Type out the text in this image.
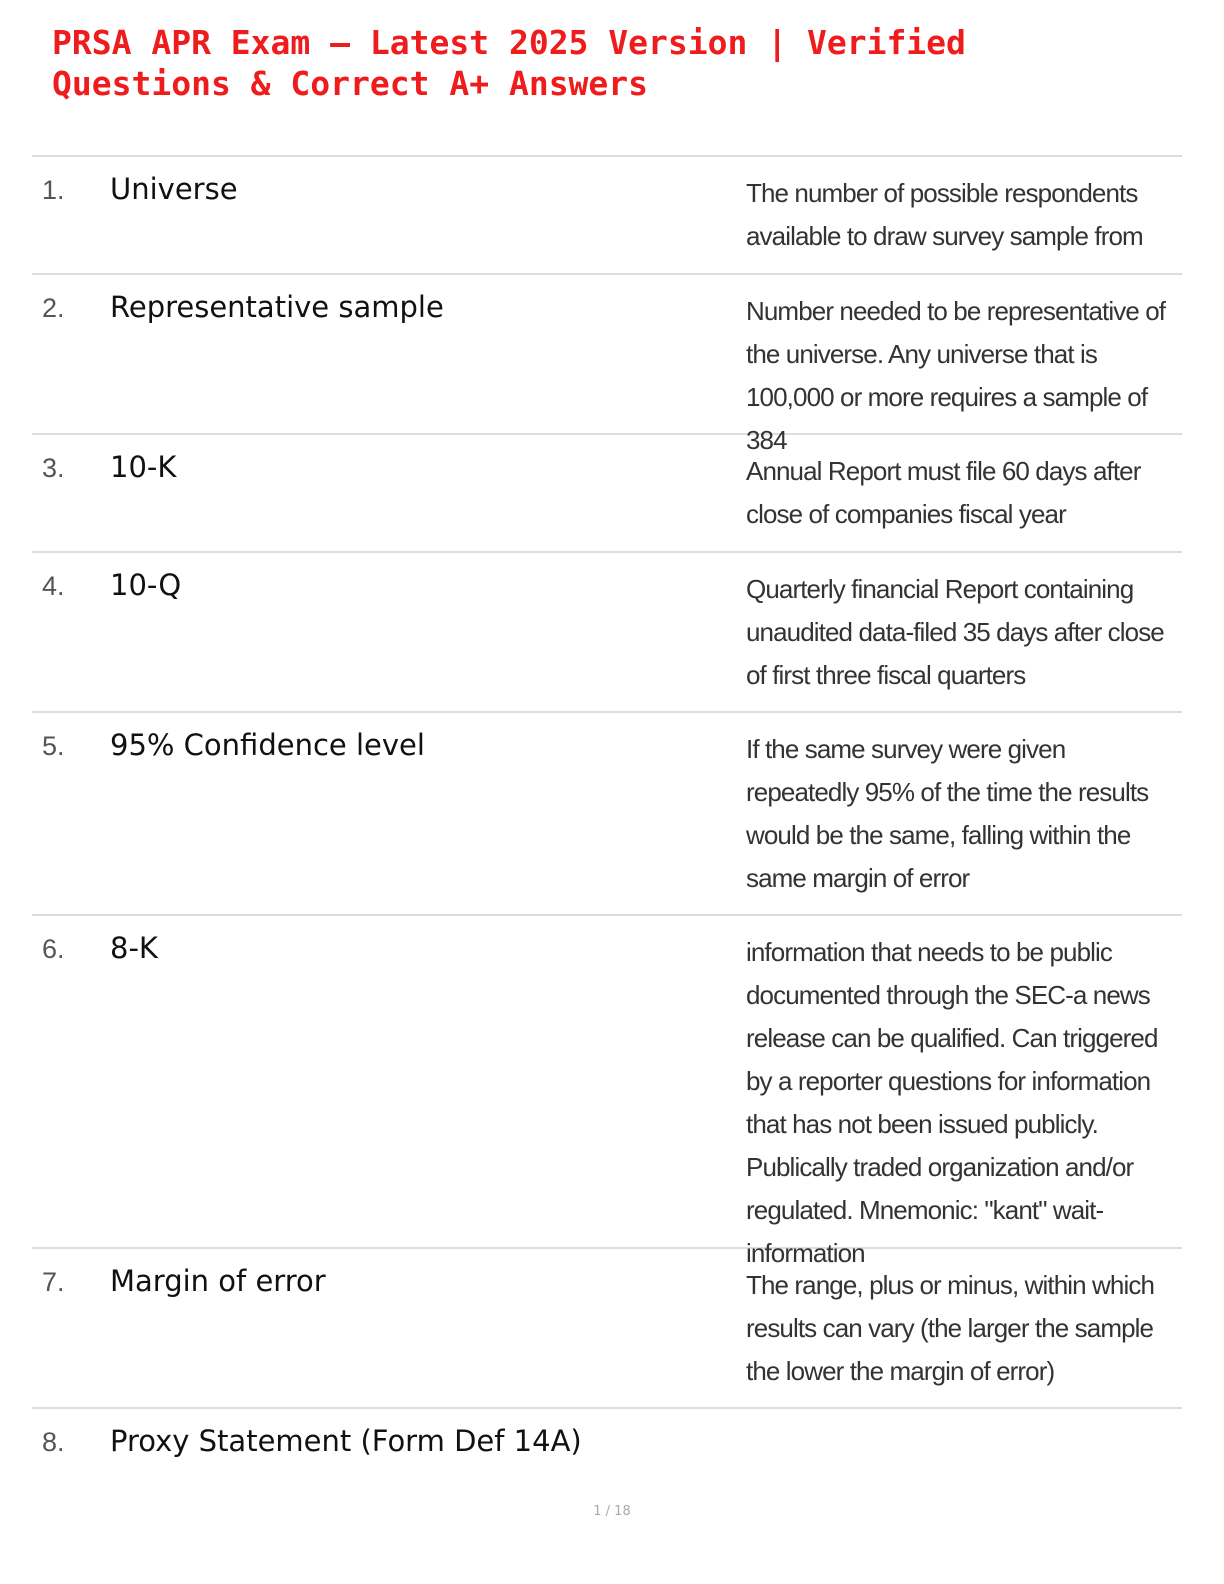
PRSA APR Exam – Latest 2025 Version | Verified
Questions & Correct A+ Answers
1. Universe	The number of possible respondents available to draw survey sample from
2. Representative sample	Number needed to be representative of the universe. Any universe that is 100,000 or more requires a sample of 384
3. 10-K	Annual Report must file 60 days after close of companies fiscal year
4. 10-Q	Quarterly financial Report containing unaudited data-filed 35 days after close of first three fiscal quarters
5. 95% Confidence level	If the same survey were given repeatedly 95% of the time the results would be the same, falling within the same margin of error
6. 8-K	information that needs to be public documented through the SEC-a news release can be qualified. Can triggered by a reporter questions for information that has not been issued publicly. Publically traded organization and/or regulated. Mnemonic: "kant" wait-information
7. Margin of error	The range, plus or minus, within which results can vary (the larger the sample the lower the margin of error)
8. Proxy Statement (Form Def 14A)
1 / 18
